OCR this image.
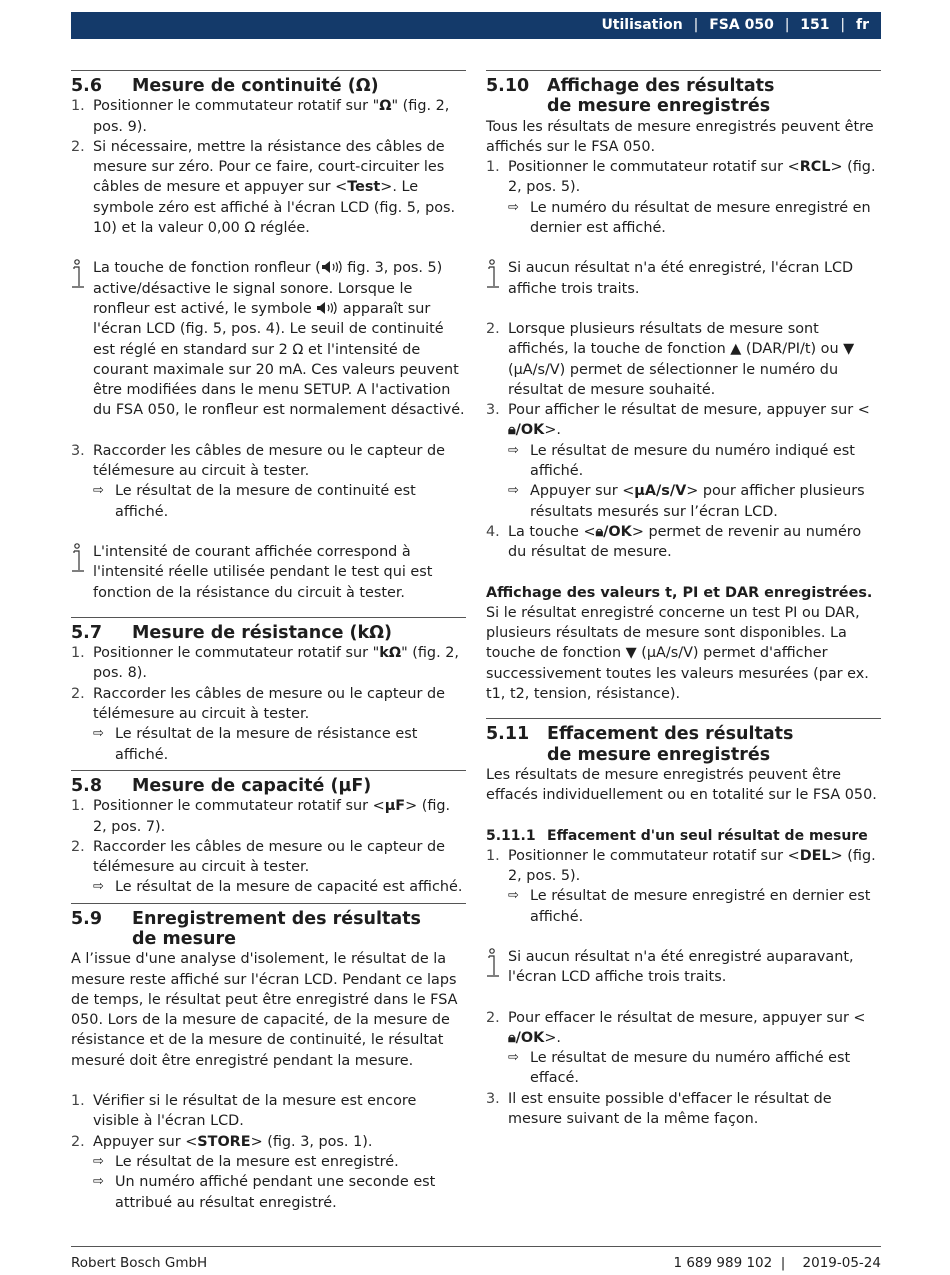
Utilisation | FSA 050 | 151 | fr
5.6	Mesure de continuité (Ω)
1. Positionner le commutateur rotatif sur "Ω" (fig. 2, pos. 9).
2. Si nécessaire, mettre la résistance des câbles de mesure sur zéro. Pour ce faire, court-circuiter les câbles de mesure et appuyer sur <Test>. Le symbole zéro est affiché à l'écran LCD (fig. 5, pos. 10) et la valeur 0,00 Ω réglée.
La touche de fonction ronfleur ( fig. 3, pos. 5) active/désactive le signal sonore. Lorsque le ronfleur est activé, le symbole  apparaît sur l'écran LCD (fig. 5, pos. 4). Le seuil de continuité est réglé en standard sur 2 Ω et l'intensité de courant maximale sur 20 mA. Ces valeurs peuvent être modifiées dans le menu SETUP. A l'activation du FSA 050, le ronfleur est normalement désactivé.
3. Raccorder les câbles de mesure ou le capteur de télémesure au circuit à tester.
⇨ Le résultat de la mesure de continuité est affiché.
L'intensité de courant affichée correspond à l'intensité réelle utilisée pendant le test qui est fonction de la résistance du circuit à tester.
5.7	Mesure de résistance (kΩ)
1. Positionner le commutateur rotatif sur "kΩ" (fig. 2, pos. 8).
2. Raccorder les câbles de mesure ou le capteur de télémesure au circuit à tester.
⇨ Le résultat de la mesure de résistance est affiché.
5.8	Mesure de capacité (µF)
1. Positionner le commutateur rotatif sur <µF> (fig. 2, pos. 7).
2. Raccorder les câbles de mesure ou le capteur de télémesure au circuit à tester.
⇨ Le résultat de la mesure de capacité est affiché.
5.9	Enregistrement des résultats
de mesure

A l’issue d'une analyse d'isolement, le résultat de la mesure reste affiché sur l'écran LCD. Pendant ce laps de temps, le résultat peut être enregistré dans le FSA 050. Lors de la mesure de capacité, de la mesure de résistance et de la mesure de continuité, le résultat mesuré doit être enregistré pendant la mesure.

1. Vérifier si le résultat de la mesure est encore visible à l'écran LCD.
2. Appuyer sur <STORE> (fig. 3, pos. 1).
⇨ Le résultat de la mesure est enregistré.
⇨ Un numéro affiché pendant une seconde est attribué au résultat enregistré.
5.10	Affichage des résultats
de mesure enregistrés

Tous les résultats de mesure enregistrés peuvent être affichés sur le FSA 050.

1. Positionner le commutateur rotatif sur <RCL> (fig. 2, pos. 5).
⇨ Le numéro du résultat de mesure enregistré en dernier est affiché.
Si aucun résultat n'a été enregistré, l'écran LCD affiche trois traits.
2. Lorsque plusieurs résultats de mesure sont affichés, la touche de fonction ▲ (DAR/PI/t) ou ▼ (µA/s/V) permet de sélectionner le numéro du résultat de mesure souhaité.
3. Pour afficher le résultat de mesure, appuyer sur <🔒︎/OK>.
⇨ Le résultat de mesure du numéro indiqué est affiché.
⇨ Appuyer sur <µA/s/V> pour afficher plusieurs résultats mesurés sur l’écran LCD.
4. La touche <🔒︎/OK> permet de revenir au numéro du résultat de mesure.

Affichage des valeurs t, PI et DAR enregistrées.

Si le résultat enregistré concerne un test PI ou DAR, plusieurs résultats de mesure sont disponibles. La touche de fonction ▼ (µA/s/V) permet d'afficher successivement toutes les valeurs mesurées (par ex. t1, t2, tension, résistance).

5.11	Effacement des résultats
de mesure enregistrés

Les résultats de mesure enregistrés peuvent être effacés individuellement ou en totalité sur le FSA 050.

5.11.1 Effacement d'un seul résultat de mesure
1. Positionner le commutateur rotatif sur <DEL> (fig. 2, pos. 5).
⇨ Le résultat de mesure enregistré en dernier est affiché.
Si aucun résultat n'a été enregistré auparavant, l'écran LCD affiche trois traits.
2. Pour effacer le résultat de mesure, appuyer sur <🔒︎/OK>.
⇨ Le résultat de mesure du numéro affiché est effacé.
3. Il est ensuite possible d'effacer le résultat de mesure suivant de la même façon.
Robert Bosch GmbH	1 689 989 102  |    2019-05-24
